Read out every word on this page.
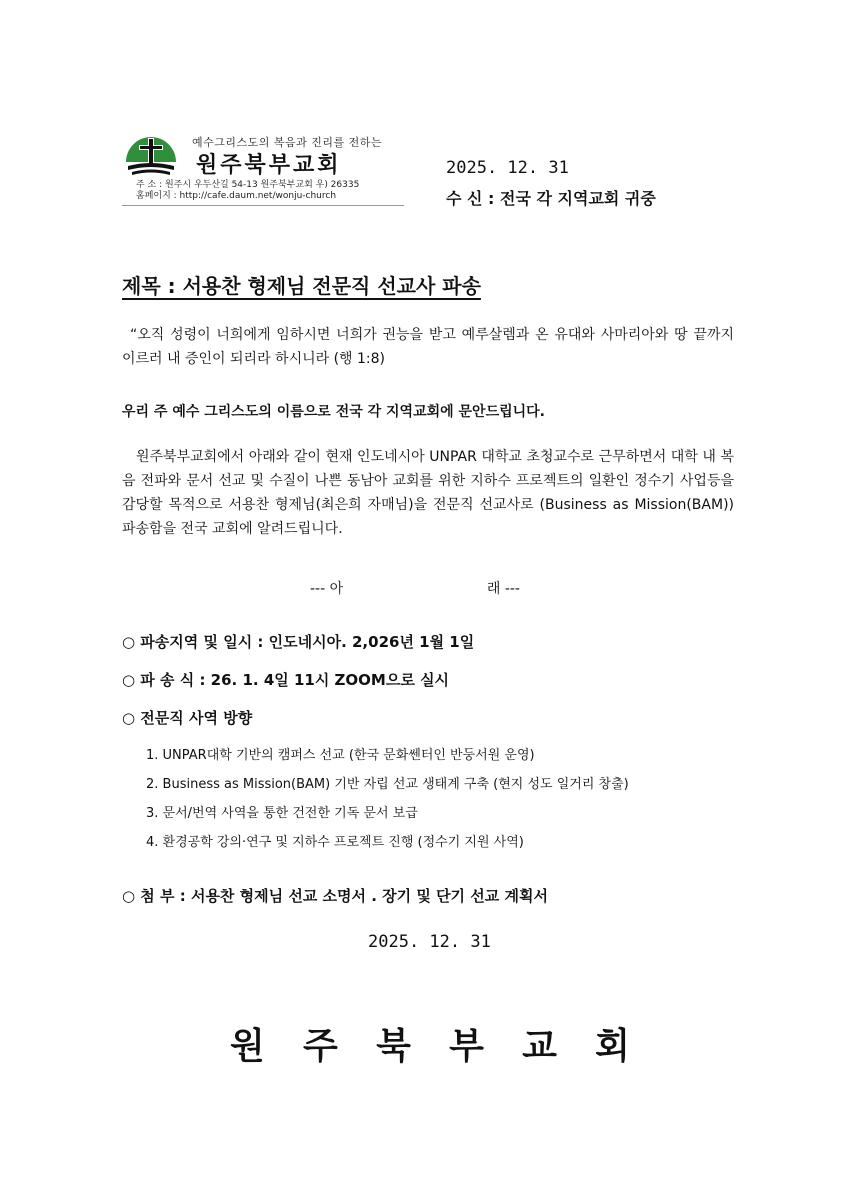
예수그리스도의 복음과 진리를 전하는
원주북부교회
주 소 : 원주시 우두산길 54-13 원주북부교회 우) 26335
홈페이지 : http://cafe.daum.net/wonju-church
2025. 12. 31
수 신 : 전국 각 지역교회 귀중
제목 : 서용찬 형제님 전문직 선교사 파송
“오직 성령이 너희에게 임하시면 너희가 권능을 받고 예루살렘과 온 유대와 사마리아와 땅 끝까지 이르러 내 증인이 되리라 하시니라 (행 1:8)
우리 주 예수 그리스도의 이름으로 전국 각 지역교회에 문안드립니다.
원주북부교회에서 아래와 같이 현재 인도네시아 UNPAR 대학교 초청교수로 근무하면서 대학 내 복음 전파와 문서 선교 및 수질이 나쁜 동남아 교회를 위한 지하수 프로젝트의 일환인 정수기 사업등을 감당할 목적으로 서용찬 형제님(최은희 자매님)을 전문직 선교사로 (Business as Mission(BAM)) 파송함을 전국 교회에 알려드립니다.
--- 아	래 ---
○ 파송지역 및 일시 : 인도네시아. 2,026년 1월 1일
○ 파 송 식 : 26. 1. 4일 11시 ZOOM으로 실시
○ 전문직 사역 방향
1. UNPAR대학 기반의 캠퍼스 선교 (한국 문화쎈터인 반둥서원 운영)
2. Business as Mission(BAM) 기반 자립 선교 생태계 구축 (현지 성도 일거리 창출)
3. 문서/번역 사역을 통한 건전한 기독 문서 보급
4. 환경공학 강의·연구 및 지하수 프로젝트 진행 (정수기 지원 사역)
○ 첨 부 : 서용찬 형제님 선교 소명서 . 장기 및 단기 선교 계획서
2025. 12. 31
원 주 북 부 교 회
